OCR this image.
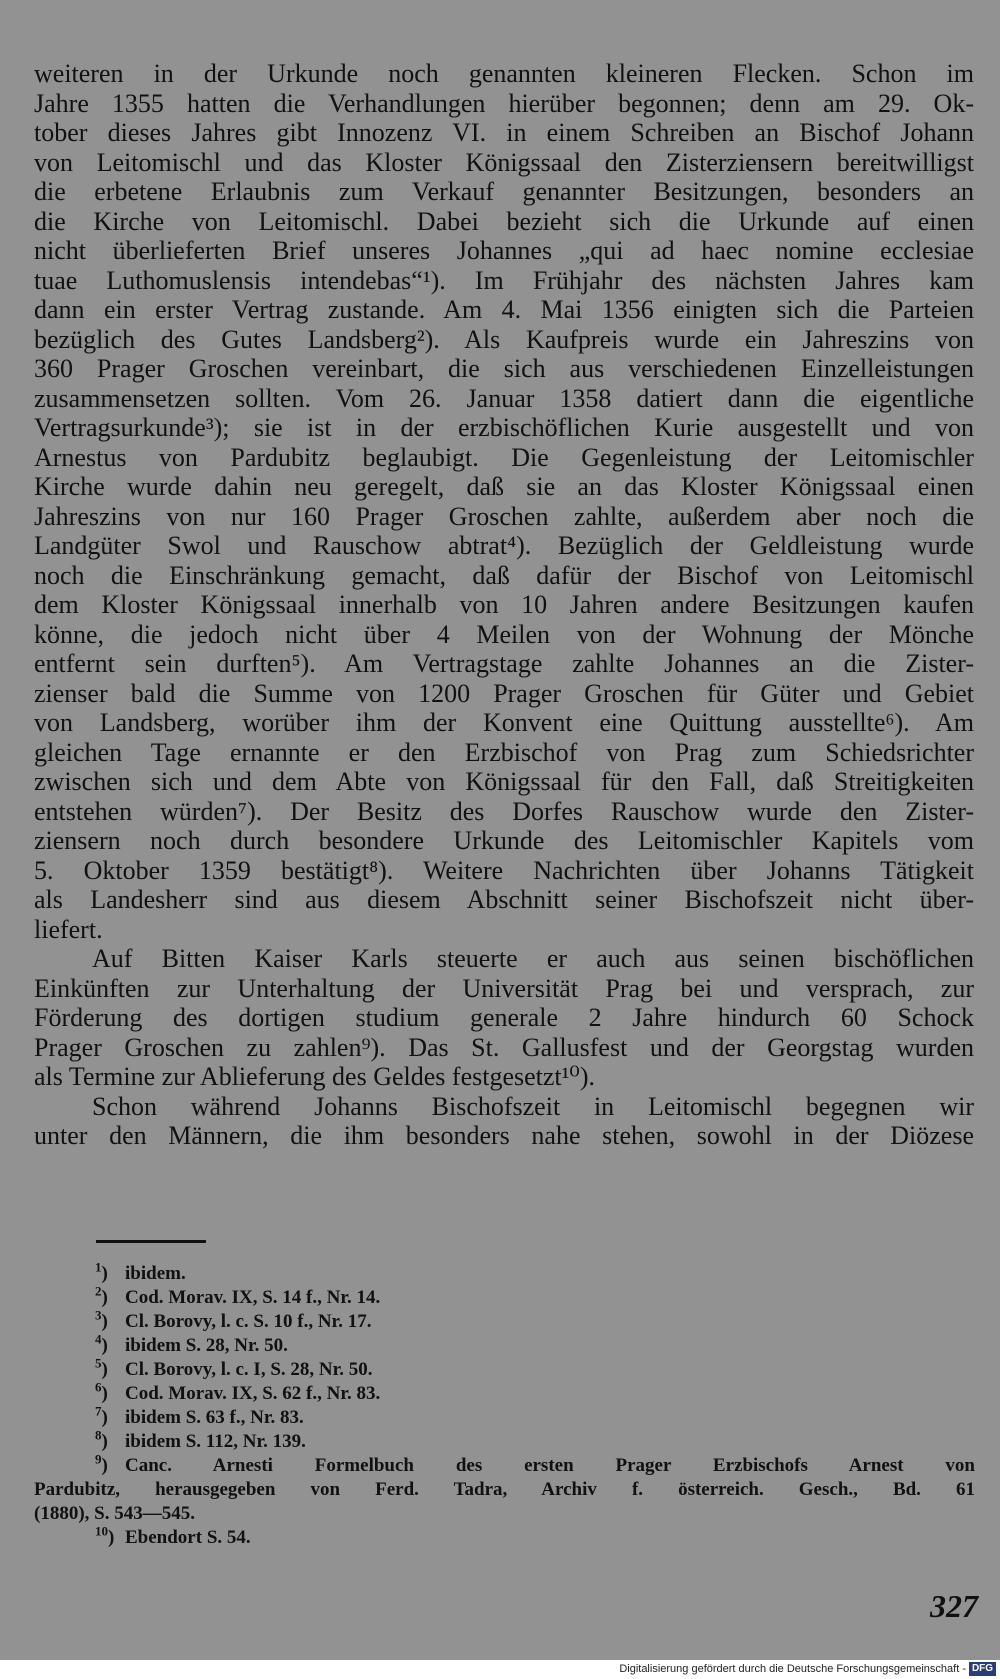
weiteren in der Urkunde noch genannten kleineren Flecken. Schon im
Jahre 1355 hatten die Verhandlungen hierüber begonnen; denn am 29. Ok-
tober dieses Jahres gibt Innozenz VI. in einem Schreiben an Bischof Johann
von Leitomischl und das Kloster Königssaal den Zisterziensern bereitwilligst
die erbetene Erlaubnis zum Verkauf genannter Besitzungen, besonders an
die Kirche von Leitomischl. Dabei bezieht sich die Urkunde auf einen
nicht überlieferten Brief unseres Johannes „qui ad haec nomine ecclesiae
tuae Luthomuslensis intendebas“¹). Im Frühjahr des nächsten Jahres kam
dann ein erster Vertrag zustande. Am 4. Mai 1356 einigten sich die Parteien
bezüglich des Gutes Landsberg²). Als Kaufpreis wurde ein Jahreszins von
360 Prager Groschen vereinbart, die sich aus verschiedenen Einzelleistungen
zusammensetzen sollten. Vom 26. Januar 1358 datiert dann die eigentliche
Vertragsurkunde³); sie ist in der erzbischöflichen Kurie ausgestellt und von
Arnestus von Pardubitz beglaubigt. Die Gegenleistung der Leitomischler
Kirche wurde dahin neu geregelt, daß sie an das Kloster Königssaal einen
Jahreszins von nur 160 Prager Groschen zahlte, außerdem aber noch die
Landgüter Swol und Rauschow abtrat⁴). Bezüglich der Geldleistung wurde
noch die Einschränkung gemacht, daß dafür der Bischof von Leitomischl
dem Kloster Königssaal innerhalb von 10 Jahren andere Besitzungen kaufen
könne, die jedoch nicht über 4 Meilen von der Wohnung der Mönche
entfernt sein durften⁵). Am Vertragstage zahlte Johannes an die Zister-
zienser bald die Summe von 1200 Prager Groschen für Güter und Gebiet
von Landsberg, worüber ihm der Konvent eine Quittung ausstellte⁶). Am
gleichen Tage ernannte er den Erzbischof von Prag zum Schiedsrichter
zwischen sich und dem Abte von Königssaal für den Fall, daß Streitigkeiten
entstehen würden⁷). Der Besitz des Dorfes Rauschow wurde den Zister-
ziensern noch durch besondere Urkunde des Leitomischler Kapitels vom
5. Oktober 1359 bestätigt⁸). Weitere Nachrichten über Johanns Tätigkeit
als Landesherr sind aus diesem Abschnitt seiner Bischofszeit nicht über-
liefert.
Auf Bitten Kaiser Karls steuerte er auch aus seinen bischöflichen
Einkünften zur Unterhaltung der Universität Prag bei und versprach, zur
Förderung des dortigen studium generale 2 Jahre hindurch 60 Schock
Prager Groschen zu zahlen⁹). Das St. Gallusfest und der Georgstag wurden
als Termine zur Ablieferung des Geldes festgesetzt¹⁰).
Schon während Johanns Bischofszeit in Leitomischl begegnen wir
unter den Männern, die ihm besonders nahe stehen, sowohl in der Diözese
$^1$) ibidem.
$^2$) Cod. Morav. IX, S. 14 f., Nr. 14.
$^3$) Cl. Borovy, l. c. S. 10 f., Nr. 17.
$^4$) ibidem S. 28, Nr. 50.
$^5$) Cl. Borovy, l. c. I, S. 28, Nr. 50.
$^6$) Cod. Morav. IX, S. 62 f., Nr. 83.
$^7$) ibidem S. 63 f., Nr. 83.
$^8$) ibidem S. 112, Nr. 139.
$^9$) Canc. Arnesti Formelbuch des ersten Prager Erzbischofs Arnest von
Pardubitz, herausgegeben von Ferd. Tadra, Archiv f. österreich. Gesch., Bd. 61
(1880), S. 543—545.
$^{10}$) Ebendort S. 54.
327
Digitalisierung gefördert durch die Deutsche Forschungsgemeinschaft - DFG
